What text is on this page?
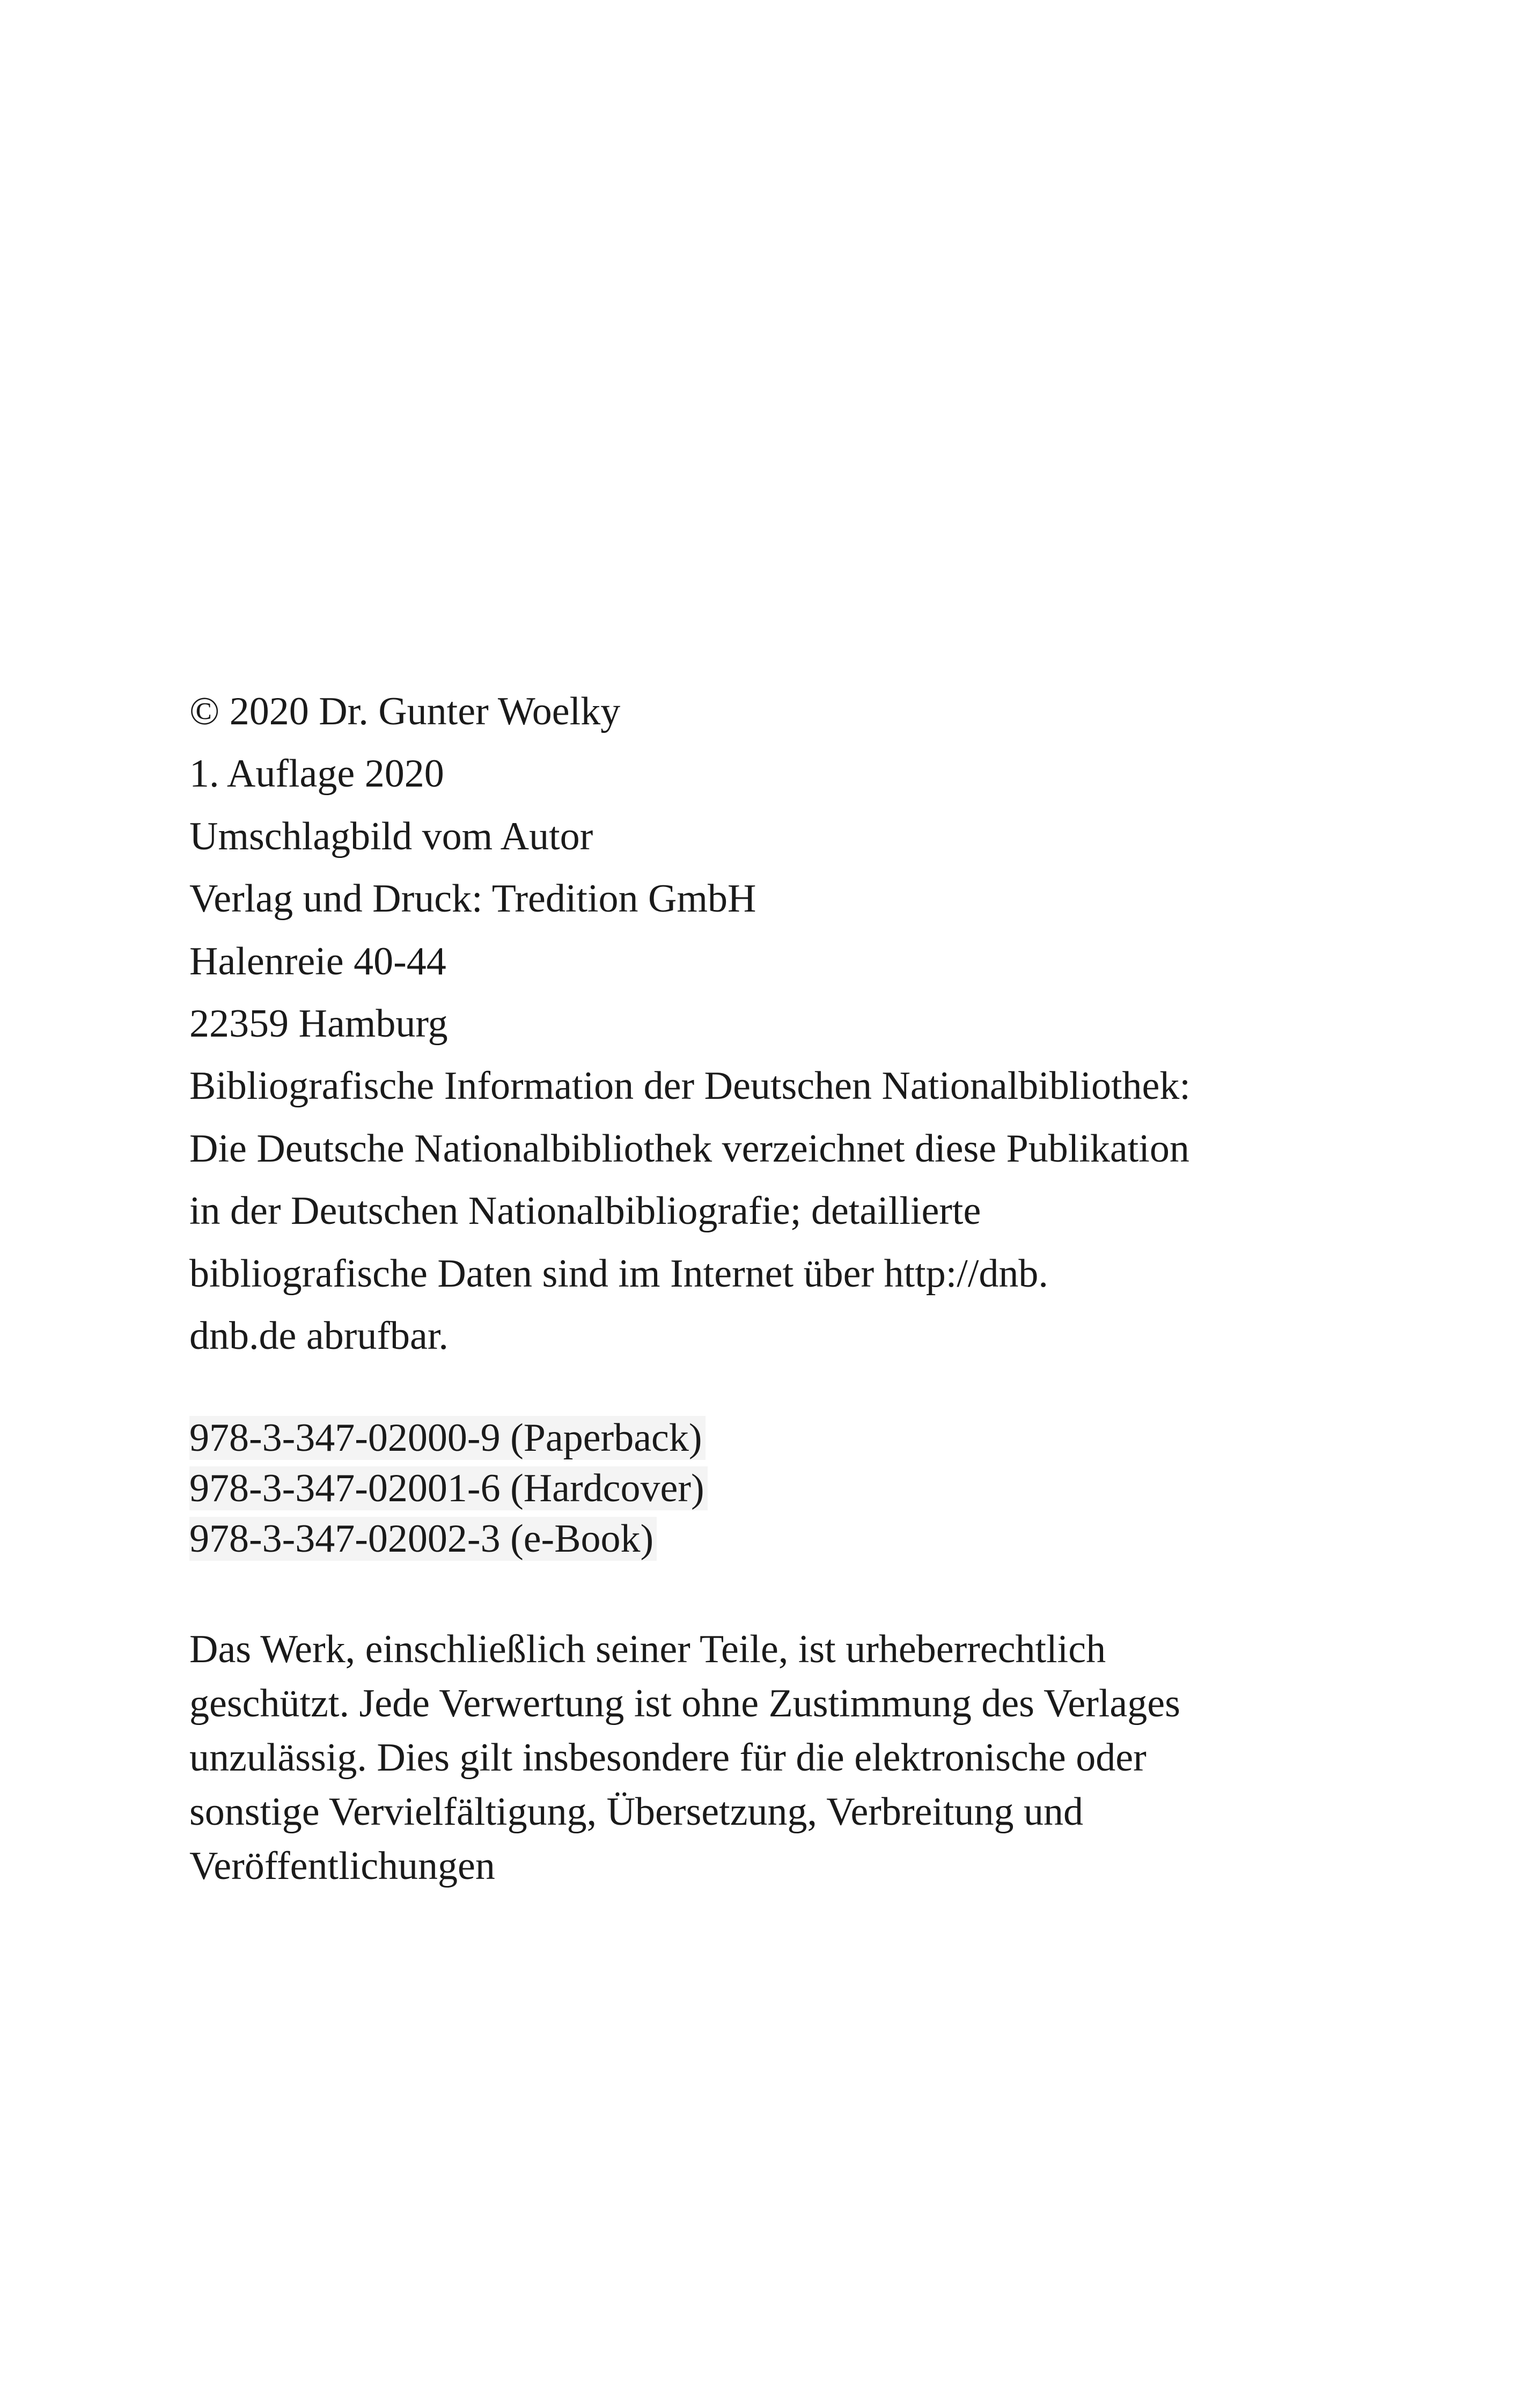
© 2020 Dr. Gunter Woelky
1. Auflage 2020
Umschlagbild vom Autor
Verlag und Druck: Tredition GmbH
Halenreie 40-44
22359 Hamburg
Bibliografische Information der Deutschen Nationalbibliothek:
Die Deutsche Nationalbibliothek verzeichnet diese Publikation
in der Deutschen Nationalbibliografie; detaillierte
bibliografische Daten sind im Internet über http://dnb.
dnb.de abrufbar.
978-3-347-02000-9 (Paperback)
978-3-347-02001-6 (Hardcover)
978-3-347-02002-3 (e-Book)
Das Werk, einschließlich seiner Teile, ist urheberrechtlich
geschützt. Jede Verwertung ist ohne Zustimmung des Verlages
unzulässig. Dies gilt insbesondere für die elektronische oder
sonstige Vervielfältigung, Übersetzung, Verbreitung und
Veröffentlichungen
